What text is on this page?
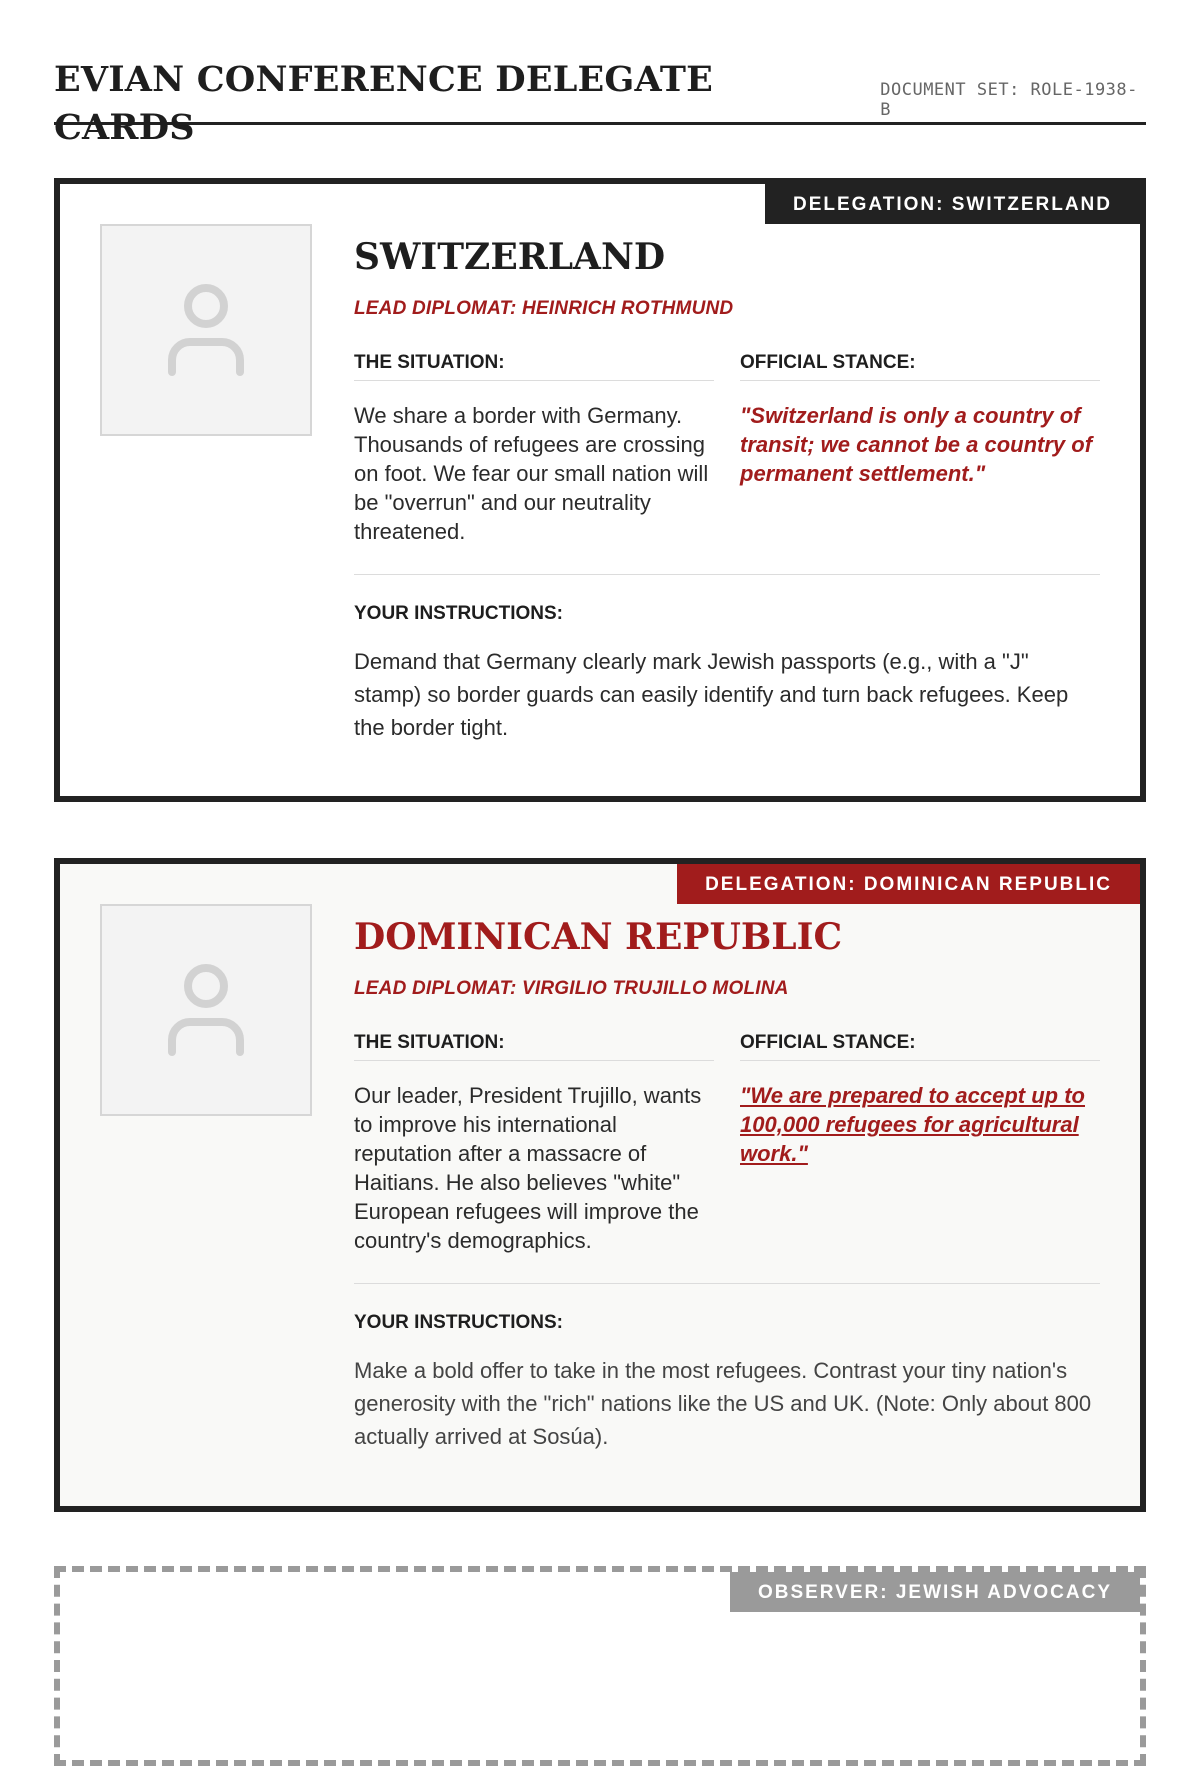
EVIAN CONFERENCE DELEGATE CARDS
DOCUMENT SET: ROLE-1938-B
DELEGATION: SWITZERLAND
SWITZERLAND
LEAD DIPLOMAT: HEINRICH ROTHMUND
THE SITUATION:
We share a border with Germany. Thousands of refugees are crossing on foot. We fear our small nation will be "overrun" and our neutrality threatened.
OFFICIAL STANCE:
"Switzerland is only a country of transit; we cannot be a country of permanent settlement."
YOUR INSTRUCTIONS:
Demand that Germany clearly mark Jewish passports (e.g., with a "J" stamp) so border guards can easily identify and turn back refugees. Keep the border tight.
DELEGATION: DOMINICAN REPUBLIC
DOMINICAN REPUBLIC
LEAD DIPLOMAT: VIRGILIO TRUJILLO MOLINA
THE SITUATION:
Our leader, President Trujillo, wants to improve his international reputation after a massacre of Haitians. He also believes "white" European refugees will improve the country's demographics.
OFFICIAL STANCE:
"We are prepared to accept up to 100,000 refugees for agricultural work."
YOUR INSTRUCTIONS:
Make a bold offer to take in the most refugees. Contrast your tiny nation's generosity with the "rich" nations like the US and UK. (Note: Only about 800 actually arrived at Sosúa).
OBSERVER: JEWISH ADVOCACY
